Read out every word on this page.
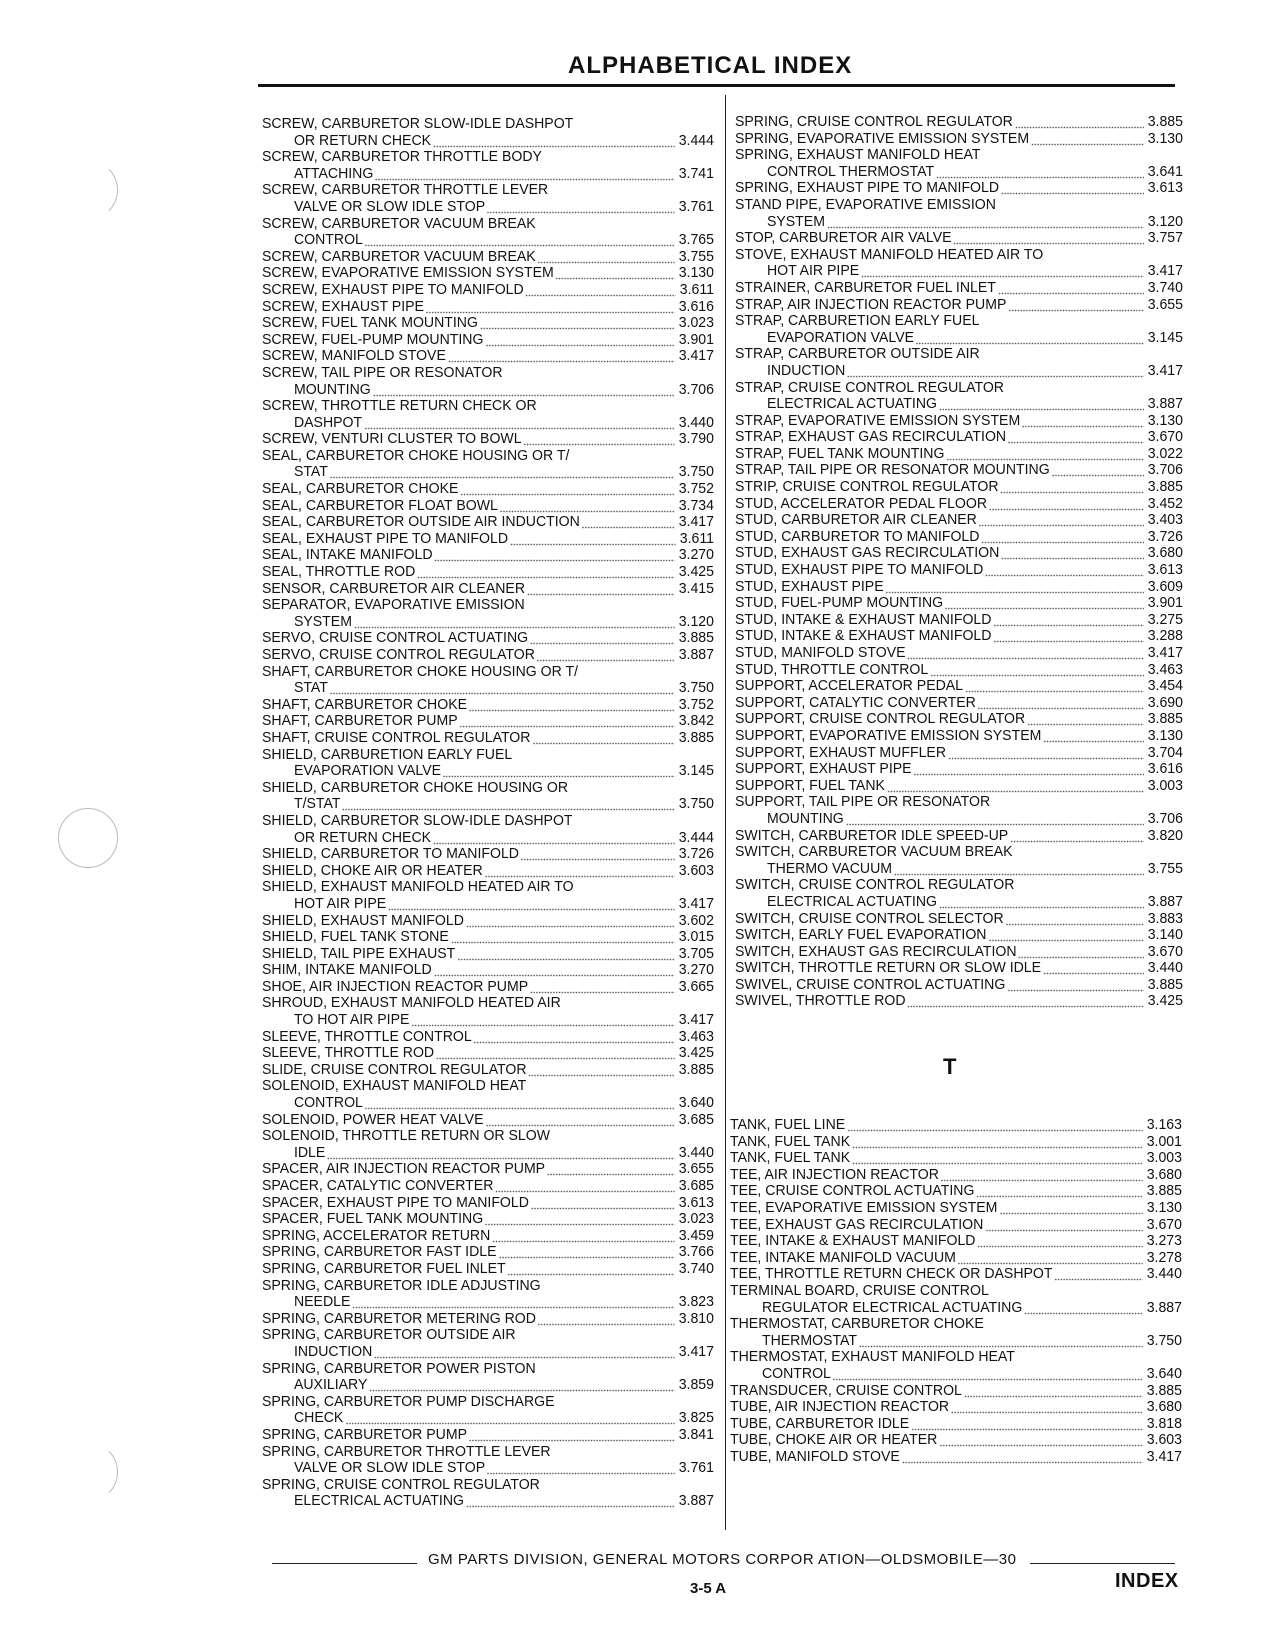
ALPHABETICAL INDEX
SCREW, CARBURETOR SLOW-IDLE DASHPOT
OR RETURN CHECK	3.444
SCREW, CARBURETOR THROTTLE BODY
ATTACHING	3.741
SCREW, CARBURETOR THROTTLE LEVER
VALVE OR SLOW IDLE STOP	3.761
SCREW, CARBURETOR VACUUM BREAK
CONTROL	3.765
SCREW, CARBURETOR VACUUM BREAK	3.755
SCREW, EVAPORATIVE EMISSION SYSTEM	3.130
SCREW, EXHAUST PIPE TO MANIFOLD	3.611
SCREW, EXHAUST PIPE	3.616
SCREW, FUEL TANK MOUNTING	3.023
SCREW, FUEL-PUMP MOUNTING	3.901
SCREW, MANIFOLD STOVE	3.417
SCREW, TAIL PIPE OR RESONATOR
MOUNTING	3.706
SCREW, THROTTLE RETURN CHECK OR
DASHPOT	3.440
SCREW, VENTURI CLUSTER TO BOWL	3.790
SEAL, CARBURETOR CHOKE HOUSING OR T/
STAT	3.750
SEAL, CARBURETOR CHOKE	3.752
SEAL, CARBURETOR FLOAT BOWL	3.734
SEAL, CARBURETOR OUTSIDE AIR INDUCTION	3.417
SEAL, EXHAUST PIPE TO MANIFOLD	3.611
SEAL, INTAKE MANIFOLD	3.270
SEAL, THROTTLE ROD	3.425
SENSOR, CARBURETOR AIR CLEANER	3.415
SEPARATOR, EVAPORATIVE EMISSION
SYSTEM	3.120
SERVO, CRUISE CONTROL ACTUATING	3.885
SERVO, CRUISE CONTROL REGULATOR	3.887
SHAFT, CARBURETOR CHOKE HOUSING OR T/
STAT	3.750
SHAFT, CARBURETOR CHOKE	3.752
SHAFT, CARBURETOR PUMP	3.842
SHAFT, CRUISE CONTROL REGULATOR	3.885
SHIELD, CARBURETION EARLY FUEL
EVAPORATION VALVE	3.145
SHIELD, CARBURETOR CHOKE HOUSING OR
T/STAT	3.750
SHIELD, CARBURETOR SLOW-IDLE DASHPOT
OR RETURN CHECK	3.444
SHIELD, CARBURETOR TO MANIFOLD	3.726
SHIELD, CHOKE AIR OR HEATER	3.603
SHIELD, EXHAUST MANIFOLD HEATED AIR TO
HOT AIR PIPE	3.417
SHIELD, EXHAUST MANIFOLD	3.602
SHIELD, FUEL TANK STONE	3.015
SHIELD, TAIL PIPE EXHAUST	3.705
SHIM, INTAKE MANIFOLD	3.270
SHOE, AIR INJECTION REACTOR PUMP	3.665
SHROUD, EXHAUST MANIFOLD HEATED AIR
TO HOT AIR PIPE	3.417
SLEEVE, THROTTLE CONTROL	3.463
SLEEVE, THROTTLE ROD	3.425
SLIDE, CRUISE CONTROL REGULATOR	3.885
SOLENOID, EXHAUST MANIFOLD HEAT
CONTROL	3.640
SOLENOID, POWER HEAT VALVE	3.685
SOLENOID, THROTTLE RETURN OR SLOW
IDLE	3.440
SPACER, AIR INJECTION REACTOR PUMP	3.655
SPACER, CATALYTIC CONVERTER	3.685
SPACER, EXHAUST PIPE TO MANIFOLD	3.613
SPACER, FUEL TANK MOUNTING	3.023
SPRING, ACCELERATOR RETURN	3.459
SPRING, CARBURETOR FAST IDLE	3.766
SPRING, CARBURETOR FUEL INLET	3.740
SPRING, CARBURETOR IDLE ADJUSTING
NEEDLE	3.823
SPRING, CARBURETOR METERING ROD	3.810
SPRING, CARBURETOR OUTSIDE AIR
INDUCTION	3.417
SPRING, CARBURETOR POWER PISTON
AUXILIARY	3.859
SPRING, CARBURETOR PUMP DISCHARGE
CHECK	3.825
SPRING, CARBURETOR PUMP	3.841
SPRING, CARBURETOR THROTTLE LEVER
VALVE OR SLOW IDLE STOP	3.761
SPRING, CRUISE CONTROL REGULATOR
ELECTRICAL ACTUATING	3.887
SPRING, CRUISE CONTROL REGULATOR	3.885
SPRING, EVAPORATIVE EMISSION SYSTEM	3.130
SPRING, EXHAUST MANIFOLD HEAT
CONTROL THERMOSTAT	3.641
SPRING, EXHAUST PIPE TO MANIFOLD	3.613
STAND PIPE, EVAPORATIVE EMISSION
SYSTEM	3.120
STOP, CARBURETOR AIR VALVE	3.757
STOVE, EXHAUST MANIFOLD HEATED AIR TO
HOT AIR PIPE	3.417
STRAINER, CARBURETOR FUEL INLET	3.740
STRAP, AIR INJECTION REACTOR PUMP	3.655
STRAP, CARBURETION EARLY FUEL
EVAPORATION VALVE	3.145
STRAP, CARBURETOR OUTSIDE AIR
INDUCTION	3.417
STRAP, CRUISE CONTROL REGULATOR
ELECTRICAL ACTUATING	3.887
STRAP, EVAPORATIVE EMISSION SYSTEM	3.130
STRAP, EXHAUST GAS RECIRCULATION	3.670
STRAP, FUEL TANK MOUNTING	3.022
STRAP, TAIL PIPE OR RESONATOR MOUNTING	3.706
STRIP, CRUISE CONTROL REGULATOR	3.885
STUD, ACCELERATOR PEDAL FLOOR	3.452
STUD, CARBURETOR AIR CLEANER	3.403
STUD, CARBURETOR TO MANIFOLD	3.726
STUD, EXHAUST GAS RECIRCULATION	3.680
STUD, EXHAUST PIPE TO MANIFOLD	3.613
STUD, EXHAUST PIPE	3.609
STUD, FUEL-PUMP MOUNTING	3.901
STUD, INTAKE & EXHAUST MANIFOLD	3.275
STUD, INTAKE & EXHAUST MANIFOLD	3.288
STUD, MANIFOLD STOVE	3.417
STUD, THROTTLE CONTROL	3.463
SUPPORT, ACCELERATOR PEDAL	3.454
SUPPORT, CATALYTIC CONVERTER	3.690
SUPPORT, CRUISE CONTROL REGULATOR	3.885
SUPPORT, EVAPORATIVE EMISSION SYSTEM	3.130
SUPPORT, EXHAUST MUFFLER	3.704
SUPPORT, EXHAUST PIPE	3.616
SUPPORT, FUEL TANK	3.003
SUPPORT, TAIL PIPE OR RESONATOR
MOUNTING	3.706
SWITCH, CARBURETOR IDLE SPEED-UP	3.820
SWITCH, CARBURETOR VACUUM BREAK
THERMO VACUUM	3.755
SWITCH, CRUISE CONTROL REGULATOR
ELECTRICAL ACTUATING	3.887
SWITCH, CRUISE CONTROL SELECTOR	3.883
SWITCH, EARLY FUEL EVAPORATION	3.140
SWITCH, EXHAUST GAS RECIRCULATION	3.670
SWITCH, THROTTLE RETURN OR SLOW IDLE	3.440
SWIVEL, CRUISE CONTROL ACTUATING	3.885
SWIVEL, THROTTLE ROD	3.425
T
TANK, FUEL LINE	3.163
TANK, FUEL TANK	3.001
TANK, FUEL TANK	3.003
TEE, AIR INJECTION REACTOR	3.680
TEE, CRUISE CONTROL ACTUATING	3.885
TEE, EVAPORATIVE EMISSION SYSTEM	3.130
TEE, EXHAUST GAS RECIRCULATION	3.670
TEE, INTAKE & EXHAUST MANIFOLD	3.273
TEE, INTAKE MANIFOLD VACUUM	3.278
TEE, THROTTLE RETURN CHECK OR DASHPOT	3.440
TERMINAL BOARD, CRUISE CONTROL
REGULATOR ELECTRICAL ACTUATING	3.887
THERMOSTAT, CARBURETOR CHOKE
THERMOSTAT	3.750
THERMOSTAT, EXHAUST MANIFOLD HEAT
CONTROL	3.640
TRANSDUCER, CRUISE CONTROL	3.885
TUBE, AIR INJECTION REACTOR	3.680
TUBE, CARBURETOR IDLE	3.818
TUBE, CHOKE AIR OR HEATER	3.603
TUBE, MANIFOLD STOVE	3.417
GM PARTS DIVISION, GENERAL MOTORS CORPOR ATION—OLDSMOBILE—30
3-5 A	INDEX
